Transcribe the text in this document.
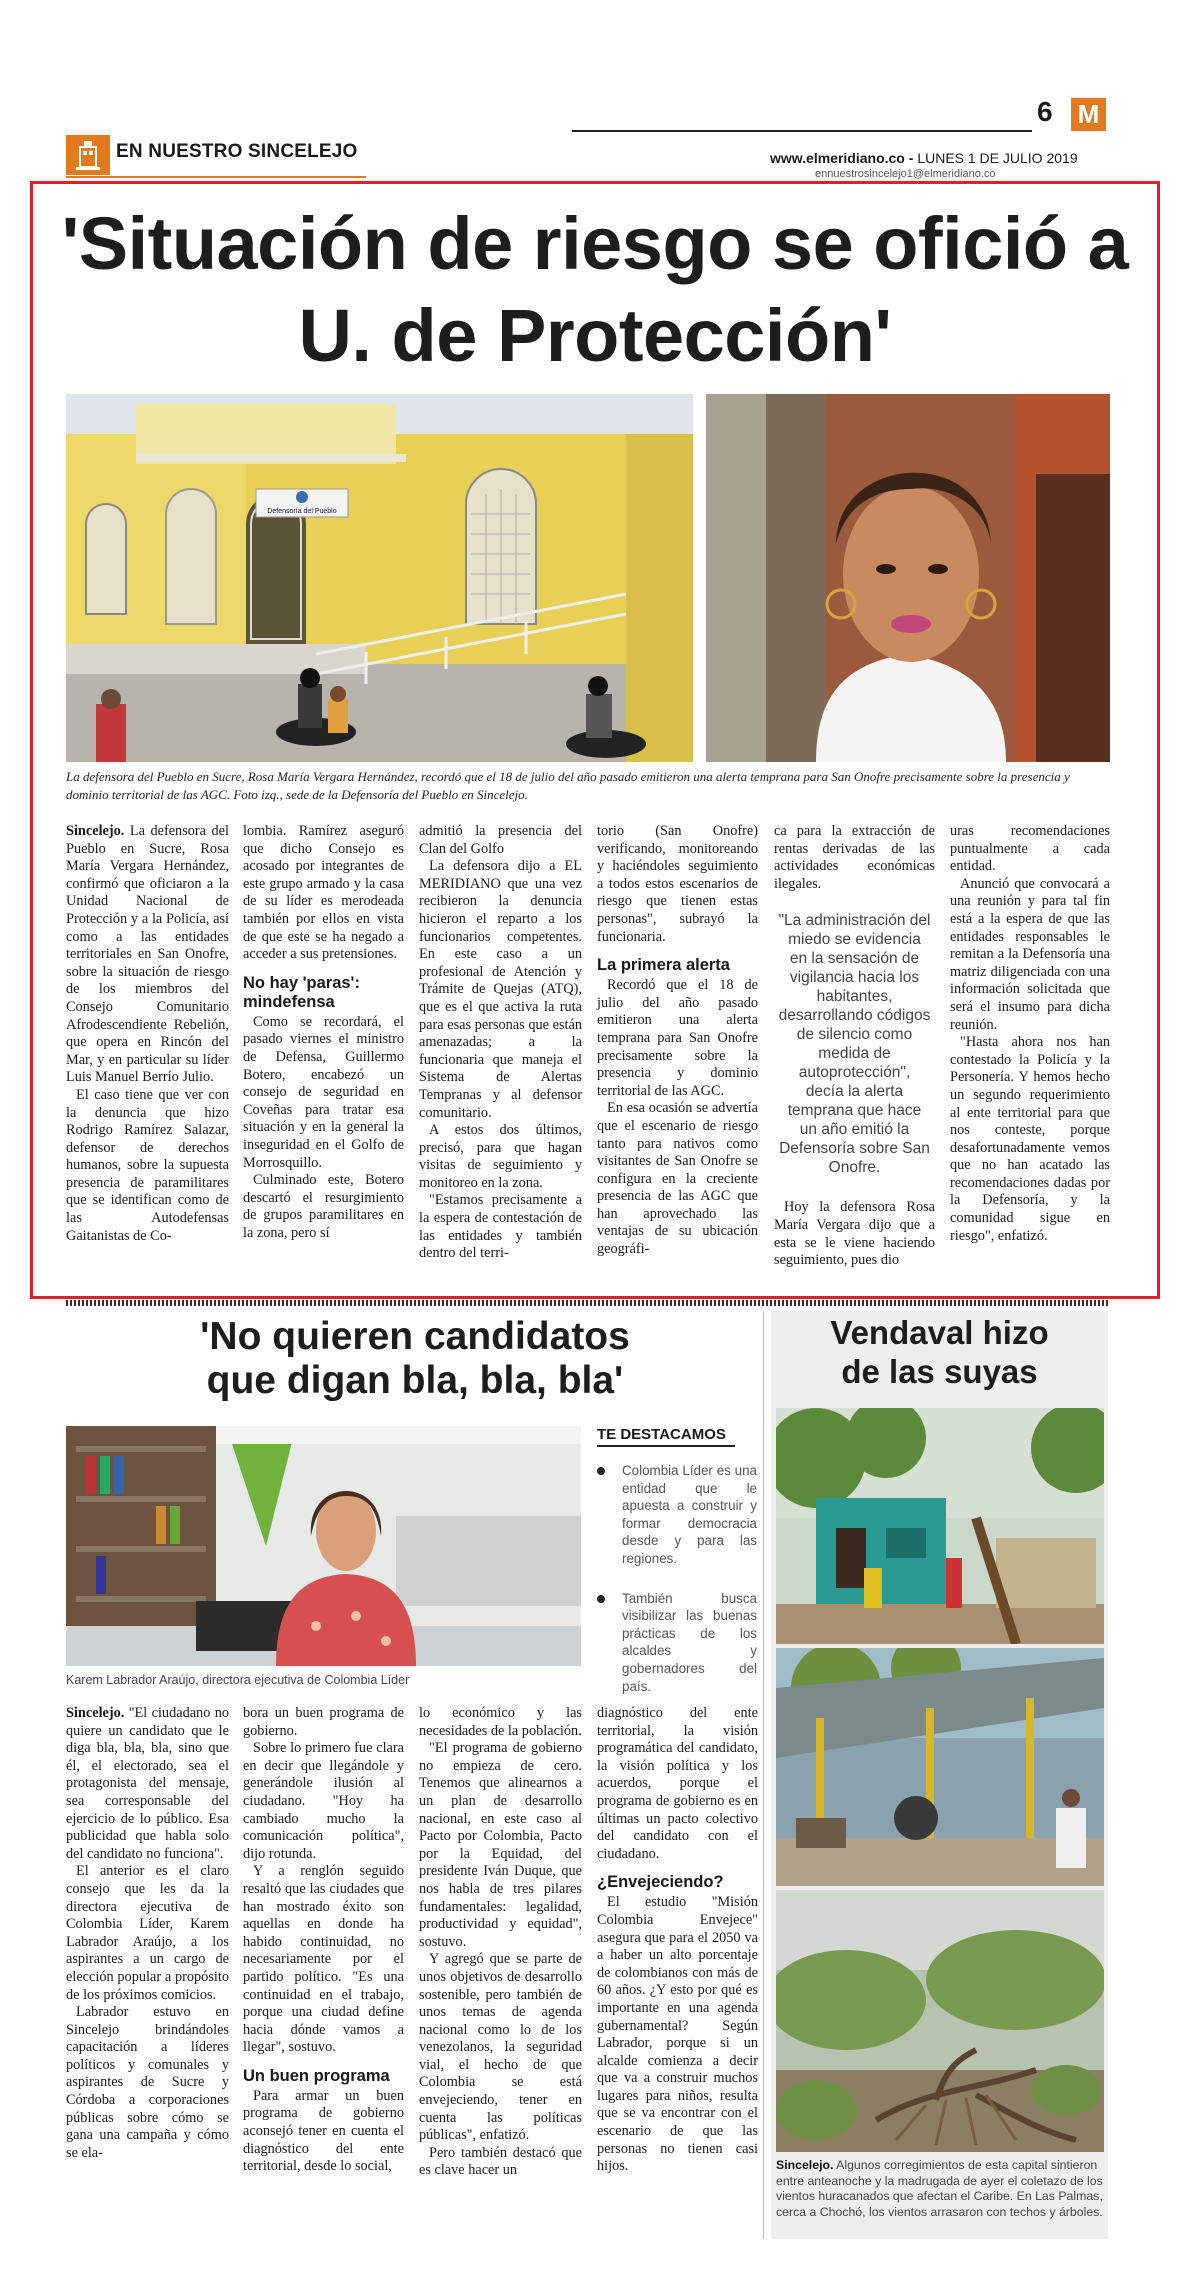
EN NUESTRO SINCELEJO
6 M
www.elmeridiano.co - LUNES 1 DE JULIO 2019
ennuestrosincelejo1@elmeridiano.co
'Situación de riesgo se ofició a U. de Protección'
Defensoría del Pueblo
La defensora del Pueblo en Sucre, Rosa María Vergara Hernández, recordó que el 18 de julio del año pasado emitieron una alerta temprana para San Onofre precisamente sobre la presencia y dominio territorial de las AGC. Foto izq., sede de la Defensoría del Pueblo en Sincelejo.

Sincelejo. La defensora del Pueblo en Sucre, Rosa María Vergara Hernández, confirmó que oficiaron a la Unidad Nacional de Protección y a la Policía, así como a las entidades territoriales en San Onofre, sobre la situación de riesgo de los miembros del Consejo Comunitario Afrodescendiente Rebelión, que opera en Rincón del Mar, y en particular su líder Luis Manuel Berrío Julio.

El caso tiene que ver con la denuncia que hizo Rodrigo Ramírez Salazar, defensor de derechos humanos, sobre la supuesta presencia de paramilitares que se identifican como de las Autodefensas Gaitanistas de Co-

lombia. Ramírez aseguró que dicho Consejo es acosado por integrantes de este grupo armado y la casa de su líder es merodeada también por ellos en vista de que este se ha negado a acceder a sus pretensiones.

No hay 'paras': mindefensa

Como se recordará, el pasado viernes el ministro de Defensa, Guillermo Botero, encabezó un consejo de seguridad en Coveñas para tratar esa situación y en la general la inseguridad en el Golfo de Morrosquillo.

Culminado este, Botero descartó el resurgimiento de grupos paramilitares en la zona, pero sí

admitió la presencia del Clan del Golfo

La defensora dijo a EL MERIDIANO que una vez recibieron la denuncia hicieron el reparto a los funcionarios competentes. En este caso a un profesional de Atención y Trámite de Quejas (ATQ), que es el que activa la ruta para esas personas que están amenazadas; a la funcionaria que maneja el Sistema de Alertas Tempranas y al defensor comunitario.

A estos dos últimos, precisó, para que hagan visitas de seguimiento y monitoreo en la zona.

"Estamos precisamente a la espera de contestación de las entidades y también dentro del terri-

torio (San Onofre) verificando, monitoreando y haciéndoles seguimiento a todos estos escenarios de riesgo que tienen estas personas", subrayó la funcionaria.

La primera alerta

Recordó que el 18 de julio del año pasado emitieron una alerta temprana para San Onofre precisamente sobre la presencia y dominio territorial de las AGC.

En esa ocasión se advertía que el escenario de riesgo tanto para nativos como visitantes de San Onofre se configura en la creciente presencia de las AGC que han aprovechado las ventajas de su ubicación geográfi-

ca para la extracción de rentas derivadas de las actividades económicas ilegales.

"La administración del miedo se evidencia en la sensación de vigilancia hacia los habitantes, desarrollando códigos de silencio como medida de autoprotección", decía la alerta temprana que hace un año emitió la Defensoría sobre San Onofre.

Hoy la defensora Rosa María Vergara dijo que a esta se le viene haciendo seguimiento, pues dio

uras recomendaciones puntualmente a cada entidad.

Anunció que convocará a una reunión y para tal fin está a la espera de que las entidades responsables le remitan a la Defensoría una matriz diligenciada con una información solicitada que será el insumo para dicha reunión.

"Hasta ahora nos han contestado la Policía y la Personería. Y hemos hecho un segundo requerimiento al ente territorial para que nos conteste, porque desafortunadamente vemos que no han acatado las recomendaciones dadas por la Defensoría, y la comunidad sigue en riesgo", enfatizó.

'No quieren candidatos
que digan bla, bla, bla'
Karem Labrador Araújo, directora ejecutiva de Colombia Líder
TE DESTACAMOS
Colombia Líder es una entidad que le apuesta a construir y formar democracia desde y para las regiones.
También busca visibilizar las buenas prácticas de los alcaldes y gobernadores del país.

Sincelejo. "El ciudadano no quiere un candidato que le diga bla, bla, bla, sino que él, el electorado, sea el protagonista del mensaje, sea corresponsable del ejercicio de lo público. Esa publicidad que habla solo del candidato no funciona".

El anterior es el claro consejo que les da la directora ejecutiva de Colombia Líder, Karem Labrador Araújo, a los aspirantes a un cargo de elección popular a propósito de los próximos comicios.

Labrador estuvo en Sincelejo brindándoles capacitación a líderes políticos y comunales y aspirantes de Sucre y Córdoba a corporaciones públicas sobre cómo se gana una campaña y cómo se ela-

bora un buen programa de gobierno.

Sobre lo primero fue clara en decir que llegándole y generándole ilusión al ciudadano. "Hoy ha cambiado mucho la comunicación política", dijo rotunda.

Y a renglón seguido resaltó que las ciudades que han mostrado éxito son aquellas en donde ha habido continuidad, no necesariamente por el partido político. "Es una continuidad en el trabajo, porque una ciudad define hacia dónde vamos a llegar", sostuvo.

Un buen programa

Para armar un buen programa de gobierno aconsejó tener en cuenta el diagnóstico del ente territorial, desde lo social,

lo económico y las necesidades de la población.

"El programa de gobierno no empieza de cero. Tenemos que alinearnos a un plan de desarrollo nacional, en este caso al Pacto por Colombia, Pacto por la Equidad, del presidente Iván Duque, que nos habla de tres pilares fundamentales: legalidad, productividad y equidad", sostuvo.

Y agregó que se parte de unos objetivos de desarrollo sostenible, pero también de unos temas de agenda nacional como lo de los venezolanos, la seguridad vial, el hecho de que Colombia se está envejeciendo, tener en cuenta las políticas públicas", enfatizó.

Pero también destacó que es clave hacer un

diagnóstico del ente territorial, la visión programática del candidato, la visión política y los acuerdos, porque el programa de gobierno es en últimas un pacto colectivo del candidato con el ciudadano.

¿Envejeciendo?

El estudio "Misión Colombia Envejece" asegura que para el 2050 va a haber un alto porcentaje de colombianos con más de 60 años. ¿Y esto por qué es importante en una agenda gubernamental? Según Labrador, porque si un alcalde comienza a decir que va a construir muchos lugares para niños, resulta que se va encontrar con el escenario de que las personas no tienen casi hijos.

Vendaval hizo
de las suyas
Sincelejo. Algunos corregimientos de esta capital sintieron entre anteanoche y la madrugada de ayer el coletazo de los vientos huracanados que afectan el Caribe. En Las Palmas, cerca a Chochó, los vientos arrasaron con techos y árboles.
